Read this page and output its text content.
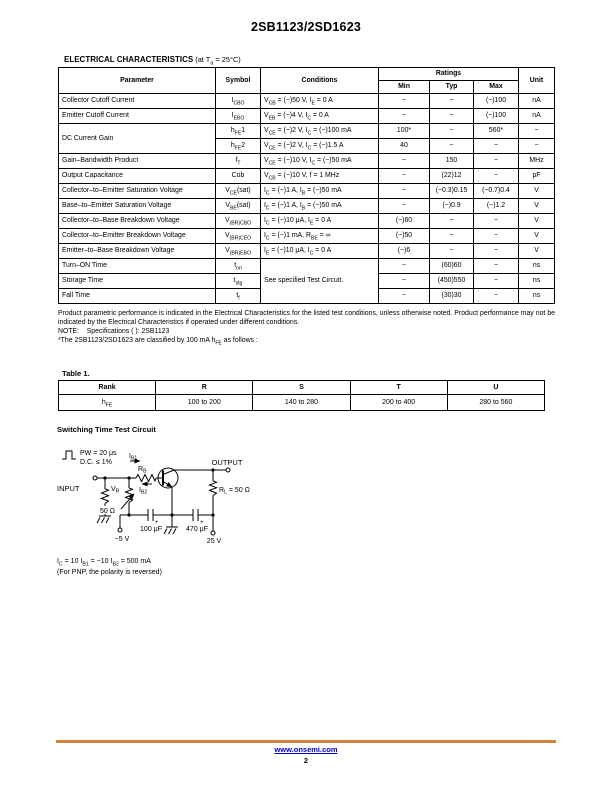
2SB1123/2SD1623
ELECTRICAL CHARACTERISTICS (at $T_a = 25^\circ C$)
Parameter	Symbol	Conditions	Ratings			Unit
			Min	Typ	Max	
Collector Cutoff Current	$I_{CBO}$	$V_{CB} = (-)50$ V, $I_E = 0$ A	−	−	(−)100	nA
Emitter Cutoff Current	$I_{EBO}$	$V_{EB} = (-)4$ V, $I_C = 0$ A	−	−	(−)100	nA
DC Current Gain	$h_{FE}1$	$V_{CE} = (-)2$ V, $I_C = (-)100$ mA	100*	−	560*	−
	$h_{FE}2$	$V_{CE} = (-)2$ V, $I_C = (-)1.5$ A	40	−	−	−
Gain–Bandwidth Product	$f_T$	$V_{CE} = (-)10$ V, $I_C = (-)50$ mA	−	150	−	MHz
Output Capacitance	Cob	$V_{CB} = (-)10$ V, f = 1 MHz	−	(22)12	−	pF
Collector–to–Emitter Saturation Voltage	$V_{CE}(sat)$	$I_C = (-)1$ A, $I_B = (-)50$ mA	−	(−0.3)0.15	(−0.7)0.4	V
Base–to–Emitter Saturation Voltage	$V_{BE}(sat)$	$I_C = (-)1$ A, $I_B = (-)50$ mA	−	(−)0.9	(−)1.2	V
Collector–to–Base Breakdown Voltage	$V_{(BR)CBO}$	$I_C = (-)10$ μA, $I_E = 0$ A	(−)60	−	−	V
Collector–to–Emitter Breakdown Voltage	$V_{(BR)CEO}$	$I_C = (-)1$ mA, $R_{BE}$ = ∞	(−)50	−	−	V
Emitter–to–Base Breakdown Voltage	$V_{(BR)EBO}$	$I_E = (-)10$ μA, $I_C = 0$ A	(−)6	−	−	V
Turn–ON Time	$t_{on}$	See specified Test Circuit.	−	(60)60	−	ns
Storage Time	$t_{stg}$		−	(450)550	−	ns
Fall Time	$t_f$		−	(30)30	−	ns
Product parametric performance is indicated in the Electrical Characteristics for the listed test conditions, unless otherwise noted. Product performance may not be indicated by the Electrical Characteristics if operated under different conditions.
NOTE:    Specifications ( ): 2SB1123
*The 2SB1123/2SD1623 are classified by 100 mA $h_{FE}$ as follows :
Table 1.
Rank	R	S	T	U
$h_{FE}$	100 to 200	140 to 280	200 to 400	280 to 560
Switching Time Test Circuit
PW = 20 μs
D.C. ≤ 1%
INPUT
OUTPUT
$I_{B1}$
$R_B$
$I_{B2}$
$V_R$
50 Ω
$R_L = 50$ Ω
100 μF	470 μF
+	+
−5 V	25 V
$I_C = 10$ $I_{B1} = -10$ $I_{B2} = 500$ mA
(For PNP, the polarity is reversed)
www.onsemi.com
2
